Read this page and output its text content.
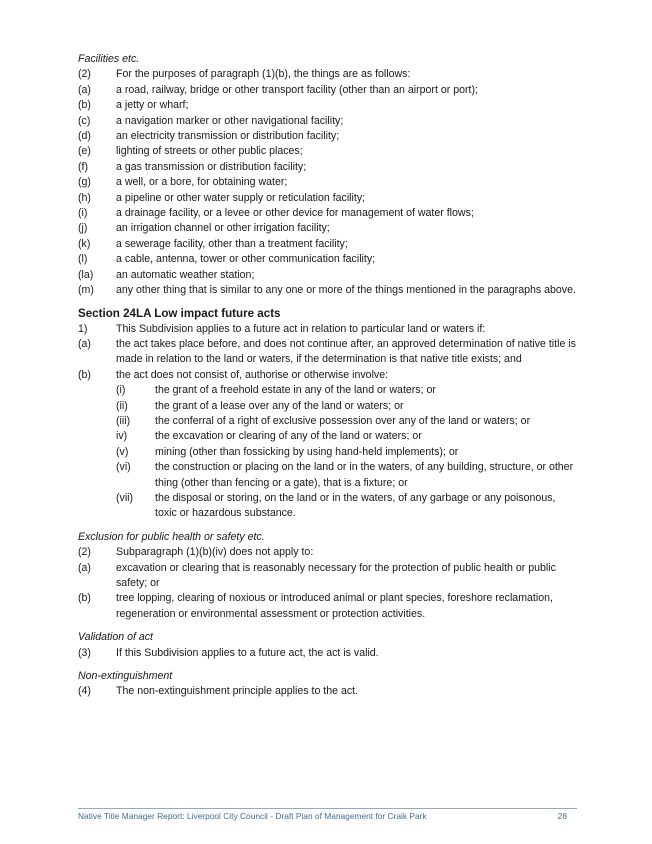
Facilities etc.

(2)	For the purposes of paragraph (1)(b), the things are as follows:
(a)	a road, railway, bridge or other transport facility (other than an airport or port);
(b)	a jetty or wharf;
(c)	a navigation marker or other navigational facility;
(d)	an electricity transmission or distribution facility;
(e)	lighting of streets or other public places;
(f)	a gas transmission or distribution facility;
(g)	a well, or a bore, for obtaining water;
(h)	a pipeline or other water supply or reticulation facility;
(i)	a drainage facility, or a levee or other device for management of water flows;
(j)	an irrigation channel or other irrigation facility;
(k)	a sewerage facility, other than a treatment facility;
(l)	a cable, antenna, tower or other communication facility;
(la)	an automatic weather station;
(m)	any other thing that is similar to any one or more of the things mentioned in the paragraphs above.

Section 24LA Low impact future acts

1)	This Subdivision applies to a future act in relation to particular land or waters if:
(a)	the act takes place before, and does not continue after, an approved determination of native title is made in relation to the land or waters, if the determination is that native title exists; and
(b)	the act does not consist of, authorise or otherwise involve:
(i)	the grant of a freehold estate in any of the land or waters; or
(ii)	the grant of a lease over any of the land or waters; or
(iii)	the conferral of a right of exclusive possession over any of the land or waters; or
iv)	the excavation or clearing of any of the land or waters; or
(v)	mining (other than fossicking by using hand-held implements); or
(vi)	the construction or placing on the land or in the waters, of any building, structure, or other thing (other than fencing or a gate), that is a fixture; or
(vii)	the disposal or storing, on the land or in the waters, of any garbage or any poisonous, toxic or hazardous substance.

Exclusion for public health or safety etc.

(2)	Subparagraph (1)(b)(iv) does not apply to:
(a)	excavation or clearing that is reasonably necessary for the protection of public health or public safety; or
(b)	tree lopping, clearing of noxious or introduced animal or plant species, foreshore reclamation, regeneration or environmental assessment or protection activities.

Validation of act

(3)	If this Subdivision applies to a future act, the act is valid.

Non-extinguishment

(4)	The non-extinguishment principle applies to the act.
Native Title Manager Report: Liverpool City Council - Draft Plan of Management for Craik Park	28
